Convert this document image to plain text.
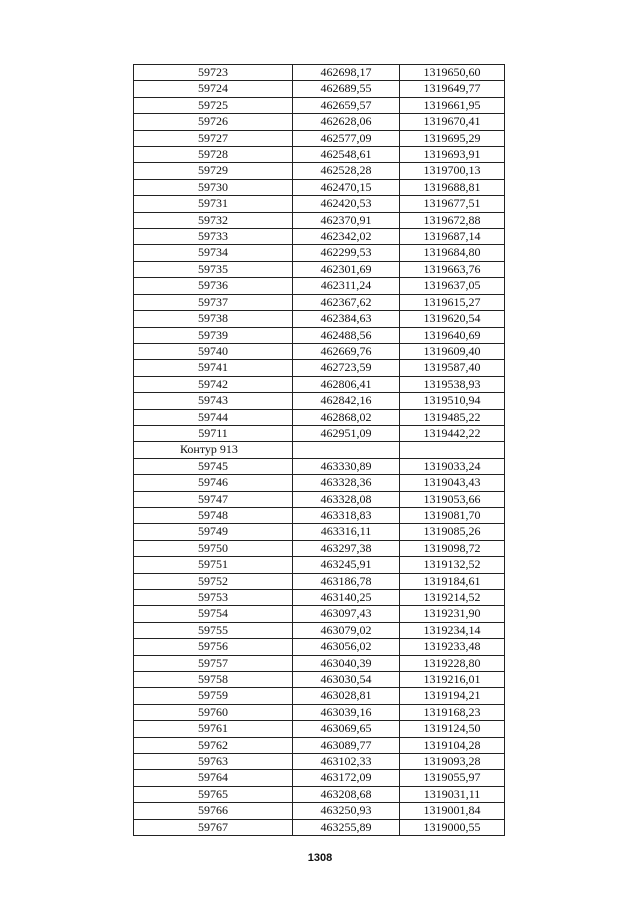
59723	462698,17	1319650,60
59724	462689,55	1319649,77
59725	462659,57	1319661,95
59726	462628,06	1319670,41
59727	462577,09	1319695,29
59728	462548,61	1319693,91
59729	462528,28	1319700,13
59730	462470,15	1319688,81
59731	462420,53	1319677,51
59732	462370,91	1319672,88
59733	462342,02	1319687,14
59734	462299,53	1319684,80
59735	462301,69	1319663,76
59736	462311,24	1319637,05
59737	462367,62	1319615,27
59738	462384,63	1319620,54
59739	462488,56	1319640,69
59740	462669,76	1319609,40
59741	462723,59	1319587,40
59742	462806,41	1319538,93
59743	462842,16	1319510,94
59744	462868,02	1319485,22
59711	462951,09	1319442,22
Контур 913		
59745	463330,89	1319033,24
59746	463328,36	1319043,43
59747	463328,08	1319053,66
59748	463318,83	1319081,70
59749	463316,11	1319085,26
59750	463297,38	1319098,72
59751	463245,91	1319132,52
59752	463186,78	1319184,61
59753	463140,25	1319214,52
59754	463097,43	1319231,90
59755	463079,02	1319234,14
59756	463056,02	1319233,48
59757	463040,39	1319228,80
59758	463030,54	1319216,01
59759	463028,81	1319194,21
59760	463039,16	1319168,23
59761	463069,65	1319124,50
59762	463089,77	1319104,28
59763	463102,33	1319093,28
59764	463172,09	1319055,97
59765	463208,68	1319031,11
59766	463250,93	1319001,84
59767	463255,89	1319000,55
1308
